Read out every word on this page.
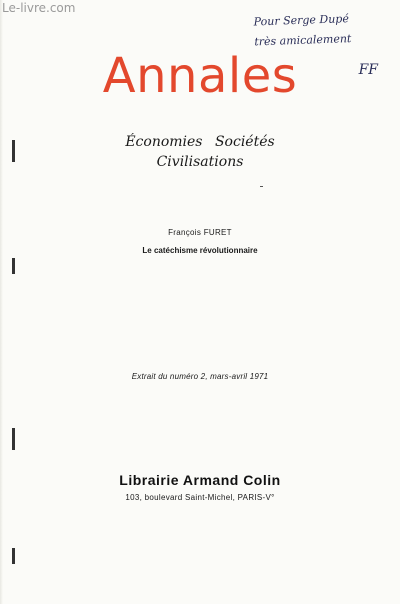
Le-livre.com
Pour Serge Dupé
très amicalement
FF
Annales
Économies Sociétés
Civilisations
François FURET
Le catéchisme révolutionnaire
Extrait du numéro 2, mars-avril 1971
Librairie Armand Colin
103, boulevard Saint-Michel, PARIS-V°
